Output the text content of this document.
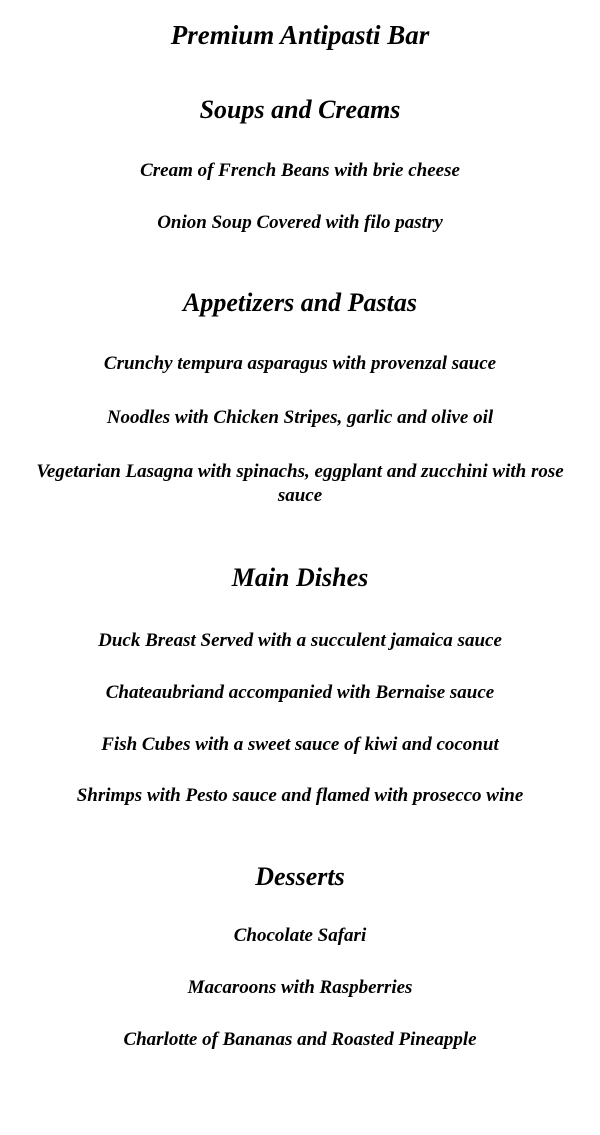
Premium Antipasti Bar
Soups and Creams
Cream of French Beans with brie cheese
Onion Soup Covered with filo pastry
Appetizers and Pastas
Crunchy tempura asparagus with provenzal sauce
Noodles with Chicken Stripes, garlic and olive oil
Vegetarian Lasagna with spinachs, eggplant and zucchini with rose sauce
Main Dishes
Duck Breast Served with a succulent jamaica sauce
Chateaubriand accompanied with Bernaise sauce
Fish Cubes with a sweet sauce of kiwi and coconut
Shrimps with Pesto sauce and flamed with prosecco wine
Desserts
Chocolate Safari
Macaroons with Raspberries
Charlotte of Bananas and Roasted Pineapple
